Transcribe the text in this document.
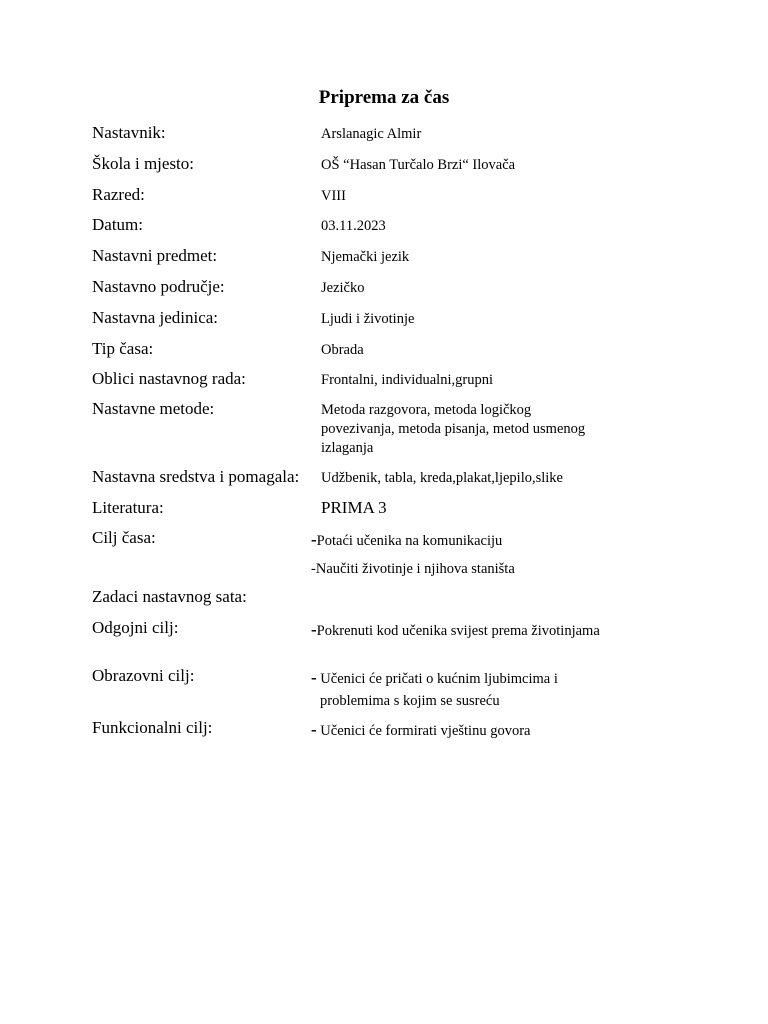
Priprema za čas
Nastavnik:	Arslanagic Almir
Škola i mjesto:	OŠ “Hasan Turčalo Brzi“ Ilovača
Razred:	VIII
Datum:	03.11.2023
Nastavni predmet:	Njemački jezik
Nastavno područje:	Jezičko
Nastavna jedinica:	Ljudi i životinje
Tip časa:	Obrada
Oblici nastavnog rada:	Frontalni, individualni,grupni
Nastavne metode:	Metoda razgovora, metoda logičkog
povezivanja, metoda pisanja, metod usmenog
izlaganja
Nastavna sredstva i pomagala: Udžbenik, tabla, kreda,plakat,ljepilo,slike
Literatura:	PRIMA 3
Cilj časa:	-Potaći učenika na komunikaciju
-Naučiti životinje i njihova staništa
Zadaci nastavnog sata:
Odgojni cilj:	-Pokrenuti kod učenika svijest prema životinjama
Obrazovni cilj:	- Učenici će pričati o kućnim ljubimcima i
problemima s kojim se susreću
Funkcionalni cilj:	- Učenici će formirati vještinu govora
